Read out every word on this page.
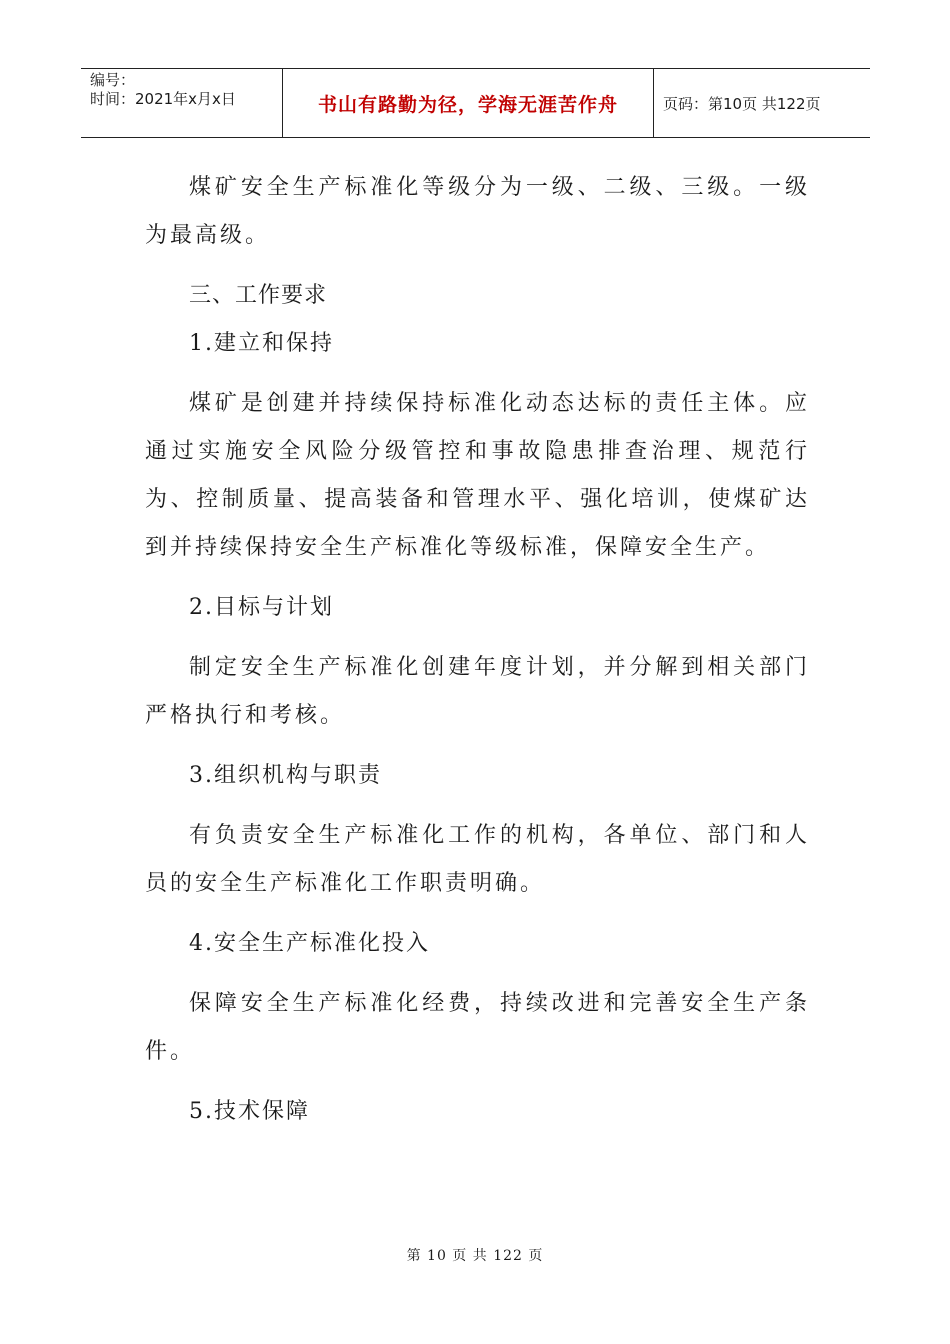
编号：
时间：2021年x月x日	书山有路勤为径，学海无涯苦作舟	页码：第10页 共122页

煤矿安全生产标准化等级分为一级、二级、三级。一级为最高级。

三、工作要求

1.建立和保持

煤矿是创建并持续保持标准化动态达标的责任主体。应通过实施安全风险分级管控和事故隐患排查治理、规范行为、控制质量、提高装备和管理水平、强化培训，使煤矿达到并持续保持安全生产标准化等级标准，保障安全生产。

2.目标与计划

制定安全生产标准化创建年度计划，并分解到相关部门严格执行和考核。

3.组织机构与职责

有负责安全生产标准化工作的机构，各单位、部门和人员的安全生产标准化工作职责明确。

4.安全生产标准化投入

保障安全生产标准化经费，持续改进和完善安全生产条件。

5.技术保障

第 10 页 共 122 页
